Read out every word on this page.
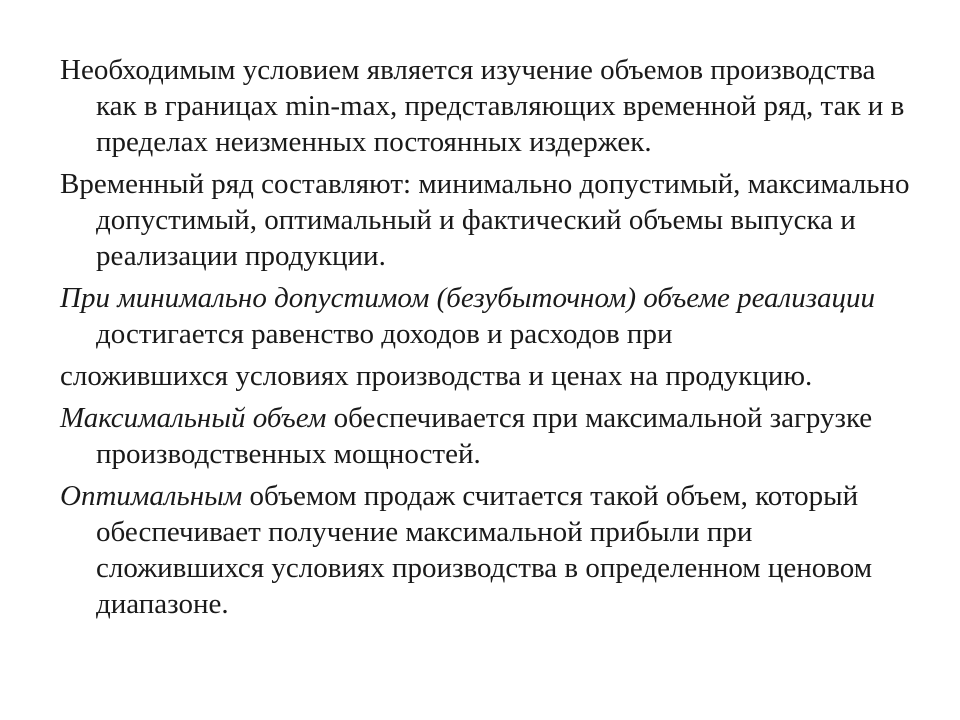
Необходимым условием является изучение объемов производства как в границах min-max, представляющих временной ряд, так и в пределах неизменных постоянных издержек.

Временный ряд составляют: минимально допустимый, максимально допустимый, оптимальный и фактический объемы выпуска и реализации продукции.

При минимально допустимом (безубыточном) объеме реализации достигается равенство доходов и расходов при

сложившихся условиях производства и ценах на продукцию.

Максимальный объем обеспечивается при максимальной загрузке производственных мощностей.

Оптимальным объемом продаж считается такой объем, который обеспечивает получение максимальной прибыли при сложившихся условиях производства в определенном ценовом диапазоне.
